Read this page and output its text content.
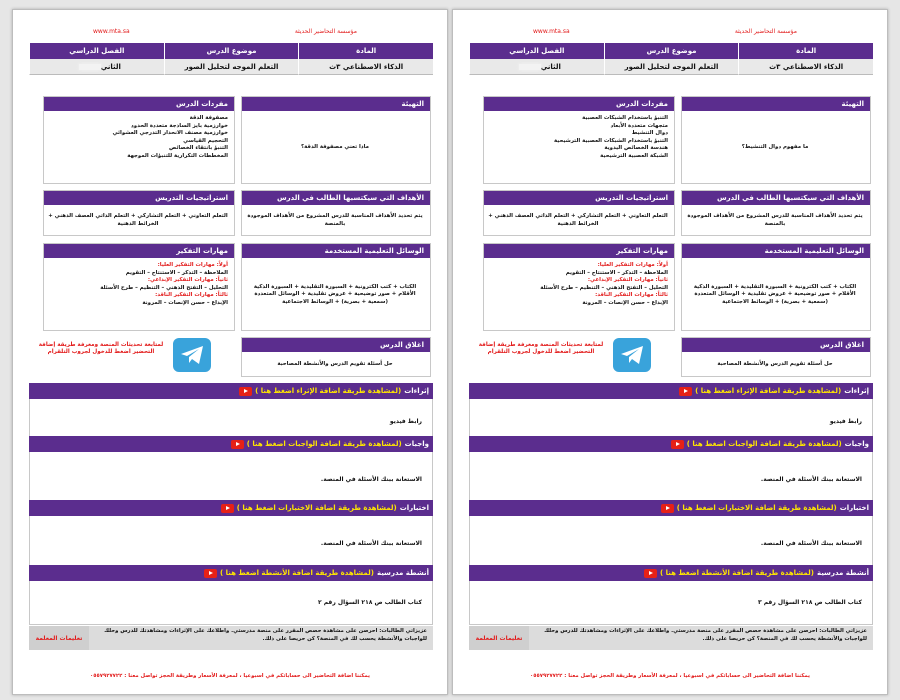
مؤسسة التحاضير الحديثة
www.mta.sa
المادة
موضوع الدرس
الفصل الدراسي
الذكاء الاصطناعي ٣ث
التعلم الموجه لتحليل الصور
الثاني
التهيئة
ماذا تعني مصفوفة الدقة؟
مفردات الدرس
مصفوفة الدقة
خوارزمية بايز الساذجة متعددة الحدود
خوارزمية مصنف الانحدار التدرجي العشوائي
التحجيم القياسي
التنبؤ بانتقاء الخصائص
المخططات التكرارية للتنبؤات الموجهة
الأهداف التي سيكتسبها الطالب في الدرس
يتم تحديد الأهداف المناسبة للدرس المشروع من الأهداف الموجودة بالمنصة
استراتيجيات التدريس
التعلم التعاوني + التعلم التشاركي + التعلم الذاتي العصف الذهني + الخرائط الذهنية
الوسائل التعليمية المستخدمة
الكتاب + كتب الكترونية + السبورة التقليدية + السبورة الذكية الأقلام + صور توضيحية + عروض تقليدية + الوسائل المتعددة (سمعية + بصرية) + الوسائط الاجتماعية
مهارات التفكير
أولاً: مهارات التفكير العليا:
الملاحظة – التذكر – الاستنتاج – التقويم
ثانياً: مهارات التفكير الإبداعي:
التحليل – التفتح الذهني – التنظيم – طرح الأسئلة
ثالثاً: مهارات التفكير الناقد:
الإبداع – حسن الإنصات – المرونة
اغلاق الدرس
حل أسئلة تقويم الدرس والأنشطة المصاحبة
لمتابعة تحديثات المنصة ومعرفة طريقة إضافة التحضير اضغط للدخول لجروب التلقرام
إثراءات
(لمشاهدة طريقة اضافة الإثراء اضغط هنا )
رابط فيديو
واجبات
(لمشاهدة طريقة اضافة الواجبات اضغط هنا )
الاستعانة ببنك الأسئلة في المنصة.
اختبارات
(لمشاهدة طريقة اضافة الاختبارات اضغط هنا )
الاستعانة ببنك الأسئلة في المنصة.
أنشطة مدرسية
(لمشاهدة طريقة اضافة الأنشطة اضغط هنا )
كتاب الطالب ص ٢١٨ السؤال رقم ٢
عزيزاتي الطالبات: احرصن على مشاهدة حصص المقرر على منصة مدرستي. واطلاعك على الإثراءات ومشاهدتك للدرس وحلك للواجبات والأنشطة يحسب لك في المنصة؟ كن حريصا على ذلك.
تعليمات المعلمة
يمكننا اضافة التحاضير الى حساباتكم في اسبوعيا ، لمعرفة الأسعار وطريقة الحجز تواصل معنا : ٠٥٥٧٩٢٧٧٢٢
مؤسسة التحاضير الحديثة
www.mta.sa
المادة
موضوع الدرس
الفصل الدراسي
الذكاء الاصطناعي ٣ث
التعلم الموجه لتحليل الصور
الثاني
التهيئة
ما مفهوم دوال التنشيط؟
مفردات الدرس
التنبؤ باستخدام الشبكات العصبية
متجهات متعددة الأبعاد
دوال التنشيط
التنبؤ باستخدام الشبكات العصبية الترشيحية
هندسة الخصائص اليدوية
الشبكة العصبية الترشيحية
الأهداف التي سيكتسبها الطالب في الدرس
يتم تحديد الأهداف المناسبة للدرس المشروع من الأهداف الموجودة بالمنصة
استراتيجيات التدريس
التعلم التعاوني + التعلم التشاركي + التعلم الذاتي العصف الذهني + الخرائط الذهنية
الوسائل التعليمية المستخدمة
الكتاب + كتب الكترونية + السبورة التقليدية + السبورة الذكية الأقلام + صور توضيحية + عروض تقليدية + الوسائل المتعددة (سمعية + بصرية) + الوسائط الاجتماعية
مهارات التفكير
أولاً: مهارات التفكير العليا:
الملاحظة – التذكر – الاستنتاج – التقويم
ثانياً: مهارات التفكير الإبداعي:
التحليل – التفتح الذهني – التنظيم – طرح الأسئلة
ثالثاً: مهارات التفكير الناقد:
الإبداع – حسن الإنصات – المرونة
اغلاق الدرس
حل أسئلة تقويم الدرس والأنشطة المصاحبة
لمتابعة تحديثات المنصة ومعرفة طريقة إضافة التحضير اضغط للدخول لجروب التلقرام
إثراءات
(لمشاهدة طريقة اضافة الإثراء اضغط هنا )
رابط فيديو
واجبات
(لمشاهدة طريقة اضافة الواجبات اضغط هنا )
الاستعانة ببنك الأسئلة في المنصة.
اختبارات
(لمشاهدة طريقة اضافة الاختبارات اضغط هنا )
الاستعانة ببنك الأسئلة في المنصة.
أنشطة مدرسية
(لمشاهدة طريقة اضافة الأنشطة اضغط هنا )
كتاب الطالب ص ٢١٨ السؤال رقم ٣
عزيزاتي الطالبات: احرصن على مشاهدة حصص المقرر على منصة مدرستي. واطلاعك على الإثراءات ومشاهدتك للدرس وحلك للواجبات والأنشطة يحسب لك في المنصة؟ كن حريصا على ذلك.
تعليمات المعلمة
يمكننا اضافة التحاضير الى حساباتكم في اسبوعيا ، لمعرفة الأسعار وطريقة الحجز تواصل معنا : ٠٥٥٧٩٢٧٧٢٢
